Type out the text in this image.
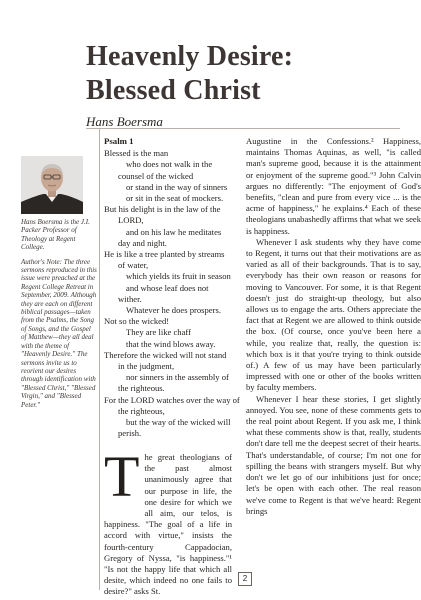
Heavenly Desire:
Blessed Christ
Hans Boersma

Hans Boersma is the J.I. Packer Professor of Theology at Regent College.

Author's Note: The three sermons reproduced in this issue were preached at the Regent College Retreat in September, 2009. Although they are each on different biblical passages—taken from the Psalms, the Song of Songs, and the Gospel of Matthew—they all deal with the theme of "Heavenly Desire." The sermons invite us to reorient our desires through identification with "Blessed Christ," "Blessed Virgin," and "Blessed Peter."

Psalm 1
Blessed is the man
who does not walk in the
counsel of the wicked
or stand in the way of sinners
or sit in the seat of mockers.
But his delight is in the law of the
LORD,
and on his law he meditates
day and night.
He is like a tree planted by streams
of water,
which yields its fruit in season
and whose leaf does not
wither.
Whatever he does prospers.
Not so the wicked!
They are like chaff
that the wind blows away.
Therefore the wicked will not stand
in the judgment,
nor sinners in the assembly of
the righteous.
For the LORD watches over the way of
the righteous,
but the way of the wicked will
perish.
T he great theologians of the past almost unanimously agree that our purpose in life, the one desire for which we all aim, our telos, is happiness. "The goal of a life in accord with virtue," insists the fourth-century Cappadocian, Gregory of Nyssa, "is happiness."¹ "Is not the happy life that which all desite, which indeed no one fails to desire?" asks St.

Augustine in the Confessions.² Happiness, maintains Thomas Aquinas, as well, "is called man's supreme good, because it is the attainment or enjoyment of the supreme good."³ John Calvin argues no differently: "The enjoyment of God's benefits, "clean and pure from every vice ... is the acme of happiness," he explains.⁴ Each of these theologians unabashedly affirms that what we seek is happiness.

Whenever I ask students why they have come to Regent, it turns out that their motivations are as varied as all of their backgrounds. That is to say, everybody has their own reason or reasons for moving to Vancouver. For some, it is that Regent doesn't just do straight-up theology, but also allows us to engage the arts. Others appreciate the fact that at Regent we are allowed to think outside the box. (Of course, once you've been here a while, you realize that, really, the question is: which box is it that you're trying to think outside of.) A few of us may have been particularly impressed with one or other of the books written by faculty members.

Whenever I hear these stories, I get slightly annoyed. You see, none of these comments gets to the real point about Regent. If you ask me, I think what these comments show is that, really, students don't dare tell me the deepest secret of their hearts. That's understandable, of course; I'm not one for spilling the beans with strangers myself. But why don't we let go of our inhibitions just for once; let's be open with each other. The real reason we've come to Regent is that we've heard: Regent brings

2
